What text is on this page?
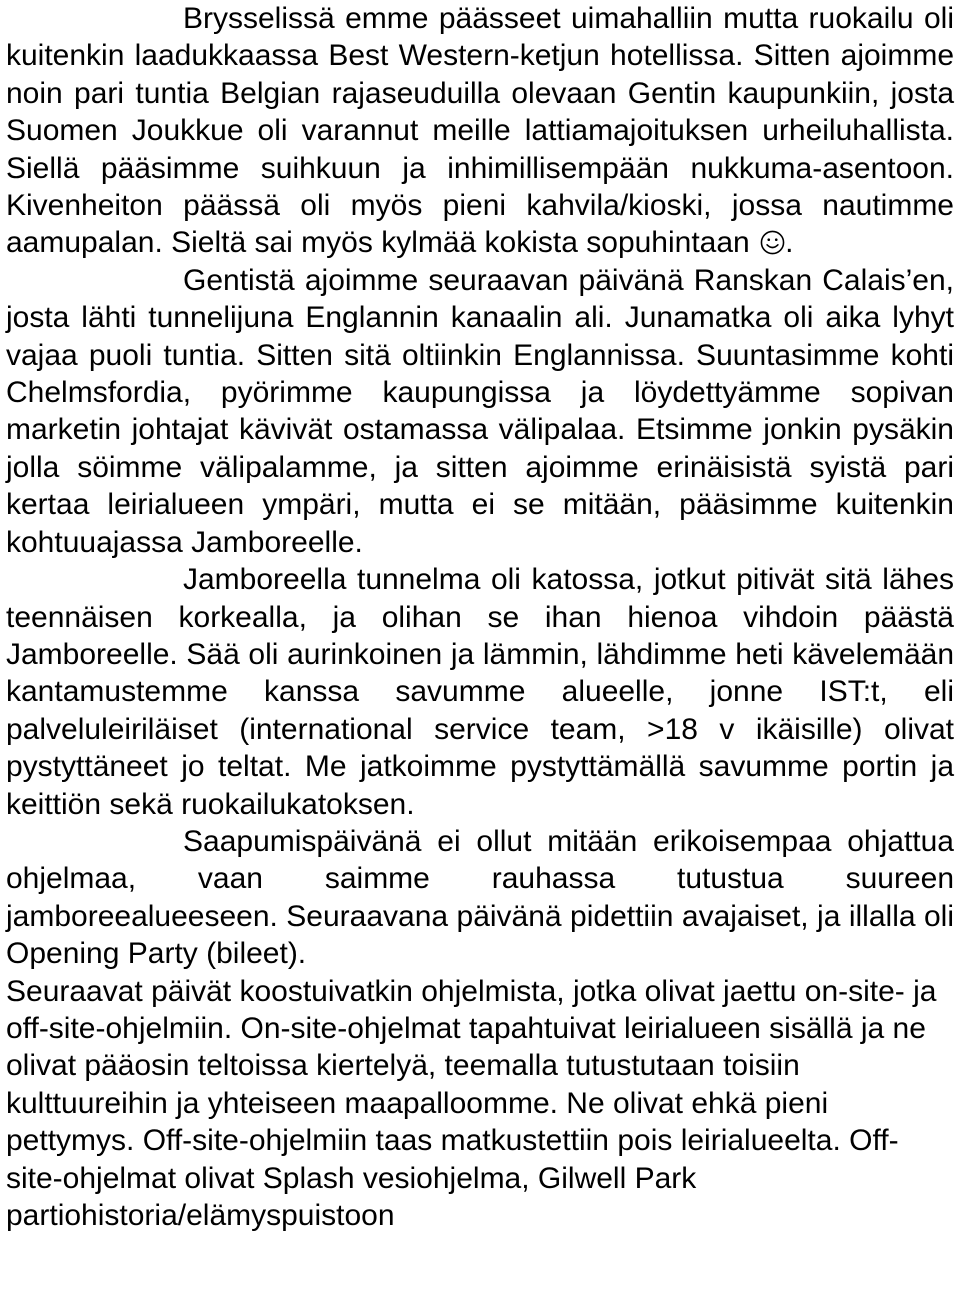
Brysselissä emme päässeet uimahalliin mutta ruokailu oli kuitenkin laadukkaassa Best Western-ketjun hotellissa. Sitten ajoimme noin pari tuntia Belgian rajaseuduilla olevaan Gentin kaupunkiin, josta Suomen Joukkue oli varannut meille lattiamajoituksen urheiluhallista. Siellä pääsimme suihkuun ja inhimillisempään nukkuma-asentoon. Kivenheiton päässä oli myös pieni kahvila/kioski, jossa nautimme aamupalan. Sieltä sai myös kylmää kokista sopuhintaan .

Gentistä ajoimme seuraavan päivänä Ranskan Calais’en, josta lähti tunnelijuna Englannin kanaalin ali. Junamatka oli aika lyhyt vajaa puoli tuntia. Sitten sitä oltiinkin Englannissa. Suuntasimme kohti Chelmsfordia, pyörimme kaupungissa ja löydettyämme sopivan marketin johtajat kävivät ostamassa välipalaa. Etsimme jonkin pysäkin jolla söimme välipalamme, ja sitten ajoimme erinäisistä syistä pari kertaa leirialueen ympäri, mutta ei se mitään, pääsimme kuitenkin kohtuuajassa Jamboreelle.

Jamboreella tunnelma oli katossa, jotkut pitivät sitä lähes teennäisen korkealla, ja olihan se ihan hienoa vihdoin päästä Jamboreelle. Sää oli aurinkoinen ja lämmin, lähdimme heti kävelemään kantamustemme kanssa savumme alueelle, jonne IST:t, eli palveluleiriläiset (international service team, >18 v ikäisille) olivat pystyttäneet jo teltat. Me jatkoimme pystyttämällä savumme portin ja keittiön sekä ruokailukatoksen.

Saapumispäivänä ei ollut mitään erikoisempaa ohjattua ohjelmaa, vaan saimme rauhassa tutustua suureen jamboreealueeseen. Seuraavana päivänä pidettiin avajaiset, ja illalla oli Opening Party (bileet).

Seuraavat päivät koostuivatkin ohjelmista, jotka olivat jaettu on-site- ja off-site-ohjelmiin. On-site-ohjelmat tapahtuivat leirialueen sisällä ja ne olivat pääosin teltoissa kiertelyä, teemalla tutustutaan toisiin kulttuureihin ja yhteiseen maapalloomme. Ne olivat ehkä pieni pettymys. Off-site-ohjelmiin taas matkustettiin pois leirialueelta. Off-site-ohjelmat olivat Splash vesiohjelma, Gilwell Park partiohistoria/elämyspuistoon
